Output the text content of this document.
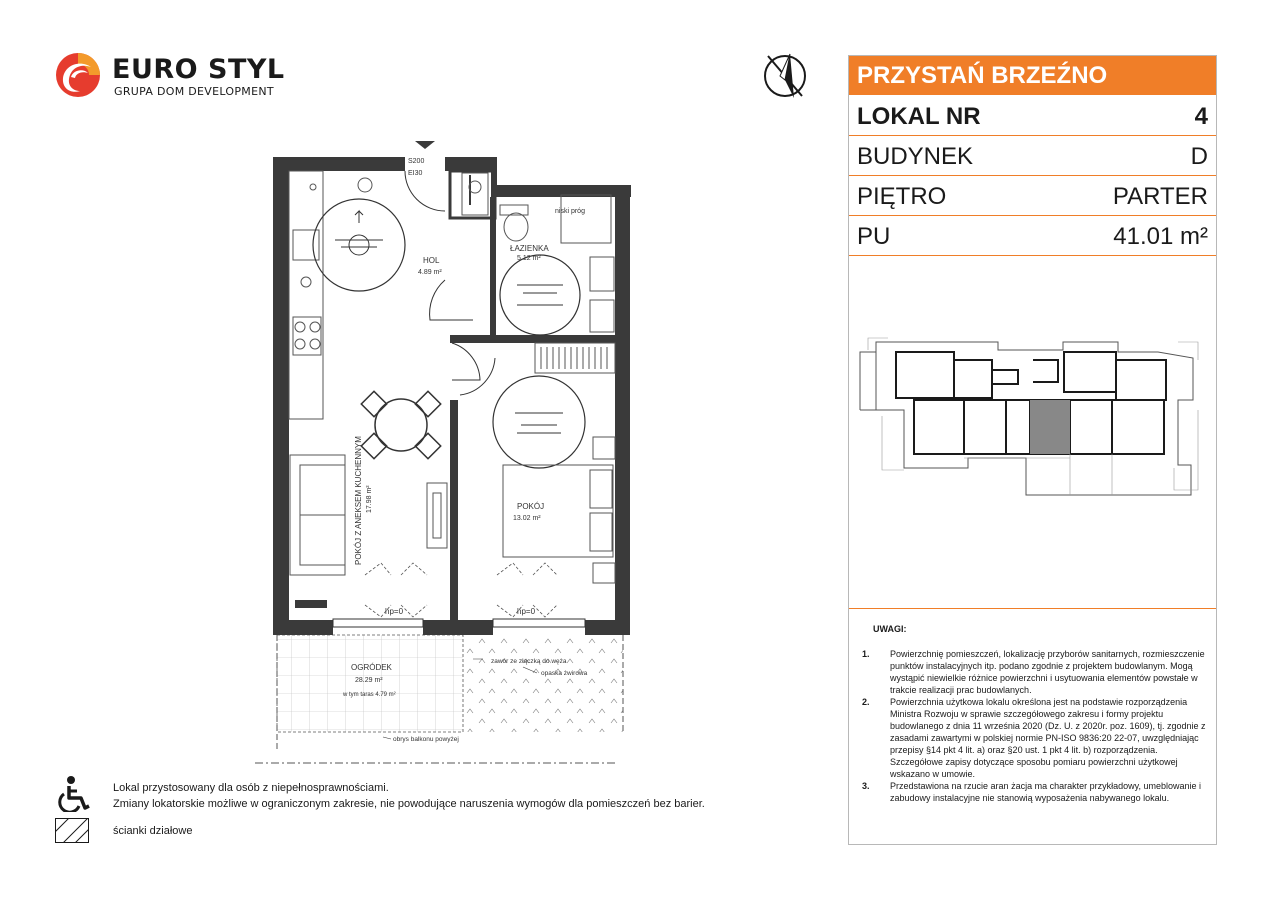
EURO STYL
GRUPA DOM DEVELOPMENT
PRZYSTAŃ BRZEŹNO
LOKAL NR	4
BUDYNEK	D
PIĘTRO	PARTER
PU	41.01 m²
UWAGI:
1. Powierzchnię pomieszczeń, lokalizację przyborów sanitarnych, rozmieszczenie punktów instalacyjnych itp. podano zgodnie z projektem budowlanym. Mogą wystąpić niewielkie różnice powierzchni i usytuowania elementów powstałe w trakcie realizacji prac budowlanych.
2. Powierzchnia użytkowa lokalu określona jest na podstawie rozporządzenia Ministra Rozwoju w sprawie szczegółowego zakresu i formy projektu budowlanego z dnia 11 września 2020 (Dz. U. z 2020r. poz. 1609), tj. zgodnie z zasadami zawartymi w polskiej normie PN-ISO 9836:20 22-07, uwzględniając przepisy §14 pkt 4 lit. a) oraz §20 ust. 1 pkt 4 lit. b) rozporządzenia. Szczegółowe zapisy dotyczące sposobu pomiaru powierzchni użytkowej wskazano w umowie.
3. Przedstawiona na rzucie aran żacja ma charakter przykładowy, umeblowanie i zabudowy instalacyjne nie stanowią wyposażenia nabywanego lokalu.
S200
EI30
niski próg
ŁAZIENKA
5.12 m²
HOL
4.89 m²
POKÓJ Z ANEKSEM KUCHENNYM 17.98 m²	POKÓJ
13.02 m²
hp=0	hp=0
OGRÓDEK
28.29 m²
w tym taras 4.79 m²
zawór ze złączką do węża
opaska żwirowa
obrys balkonu powyżej
Lokal przystosowany dla osób z niepełnosprawnościami.
Zmiany lokatorskie możliwe w ograniczonym zakresie, nie powodujące naruszenia wymogów dla pomieszczeń bez barier.
ścianki działowe
